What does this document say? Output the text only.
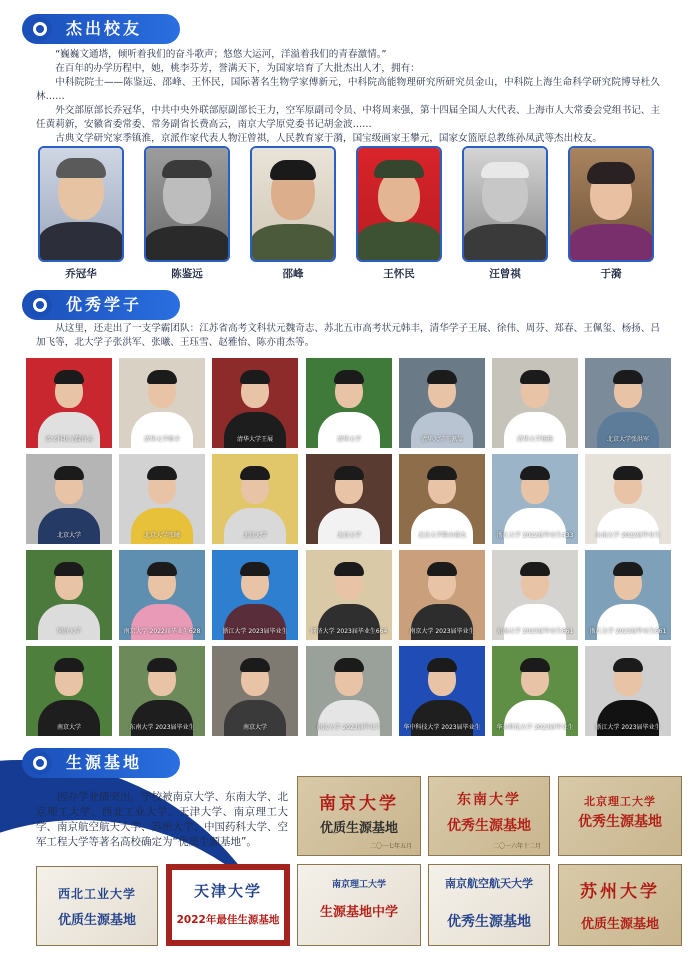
杰出校友

“巍巍文通塔，倾听着我们的奋斗歌声；悠悠大运河，洋溢着我们的青春激情。”

在百年的办学历程中，她，桃李芬芳，誉满天下，为国家培育了大批杰出人才，拥有：

中科院院士——陈鉴远、邵峰、王怀民，国际著名生物学家傅新元，中科院高能物理研究所研究员金山，中科院上海生命科学研究院博导杜久林……

外交部原部长乔冠华，中共中央外联部原副部长王力，空军原副司令员、中将周来强，第十四届全国人大代表、上海市人大常委会党组书记、主任黄莉新，安徽省委常委、常务副省长费高云，南京大学原党委书记胡金波……

古典文学研究家季镇淮，京派作家代表人物汪曾祺，人民教育家于漪，国宝级画家王攀元，国家女篮原总教练孙凤武等杰出校友。

乔冠华	陈鉴远	邵峰	王怀民	汪曾祺	于漪
优秀学子

从这里，还走出了一支学霸团队：江苏省高考文科状元魏奇志、苏北五市高考状元韩丰，清华学子王展、徐伟、周芬、郑春、王佩玺、杨扬、吕加飞等，北大学子张洪军、张曦、王珏雪、赵雅怡、陈亦甫杰等。

省文科状元魏奇志	清华大学韩丰	清华大学王展	清华大学	清华大学王佩玺	清华大学杨扬	北京大学张洪军
北京大学	北京大学张曦	北京大学	北京大学	北京大学陈亦甫杰	浙江大学 2022届毕业生433	东南大学 2022届毕业生
同济大学	南京大学 2022届毕业生628	浙江大学 2023届毕业生	同济大学 2023届毕业生664	南京大学 2023届毕业生	东南大学 2023届毕业生661	浙江大学 2023届毕业生661
南京大学	东南大学 2023届毕业生	南京大学	南京大学 2023届毕业生	华中科技大学 2023届毕业生	华东师范大学 2023届毕业生	浙江大学 2023届毕业生
生源基地

因办学业绩突出，学校被南京大学、东南大学、北京理工大学、西北工业大学、天津大学、南京理工大学、南京航空航天大学、苏州大学、中国药科大学、空军工程大学等著名高校确定为“优质生源基地”。

南京大学
优质生源基地
二〇一七年五月
东南大学
优秀生源基地
二〇一六年十二月
北京理工大学
优秀生源基地
西北工业大学
优质生源基地
天津大学
2022年最佳生源基地
南京理工大学
生源基地中学
南京航空航天大学
优秀生源基地
苏州大学
优质生源基地
